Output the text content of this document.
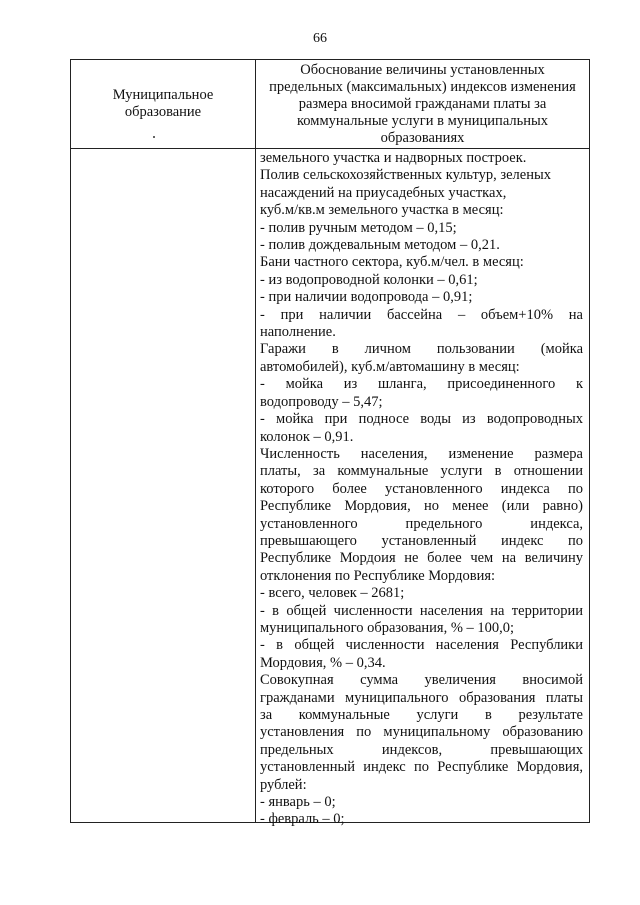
66
Муниципальное образование
Обоснование величины установленных предельных (максимальных) индексов изменения размера вносимой гражданами платы за коммунальные услуги в муниципальных образованиях
земельного участка и надворных построек.
Полив сельскохозяйственных культур, зеленых
насаждений на приусадебных участках,
куб.м/кв.м земельного участка в месяц:
- полив ручным методом – 0,15;
- полив дождевальным методом – 0,21.
Бани частного сектора, куб.м/чел. в месяц:
- из водопроводной колонки – 0,61;
- при наличии водопровода – 0,91;
- при наличии бассейна – объем+10% на
наполнение.
Гаражи в личном пользовании (мойка
автомобилей), куб.м/автомашину в месяц:
- мойка из шланга, присоединенного к
водопроводу – 5,47;
- мойка при подносе воды из водопроводных
колонок – 0,91.
Численность населения, изменение размера
платы, за коммунальные услуги в отношении
которого более установленного индекса по
Республике Мордовия, но менее (или равно)
установленного предельного индекса,
превышающего установленный индекс по
Республике Мордоия не более чем на величину
отклонения по Республике Мордовия:
- всего, человек – 2681;
- в общей численности населения на территории
муниципального образования, % – 100,0;
- в общей численности населения Республики
Мордовия, % – 0,34.
Совокупная сумма увеличения вносимой
гражданами муниципального образования платы
за коммунальные услуги в результате
установления по муниципальному образованию
предельных индексов, превышающих
установленный индекс по Республике Мордовия,
рублей:
- январь – 0;
- февраль – 0;
